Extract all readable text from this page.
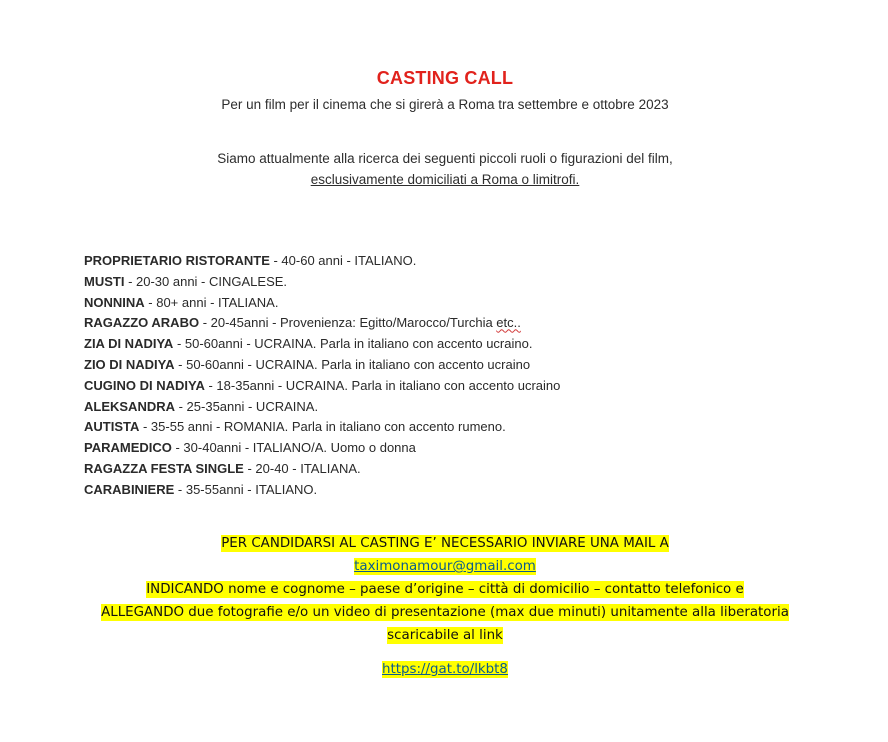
CASTING CALL
Per un film per il cinema che si girerà a Roma tra settembre e ottobre 2023
Siamo attualmente alla ricerca dei seguenti piccoli ruoli o figurazioni del film,
esclusivamente domiciliati a Roma o limitrofi.
PROPRIETARIO RISTORANTE - 40-60 anni - ITALIANO.
MUSTI - 20-30 anni - CINGALESE.
NONNINA - 80+ anni - ITALIANA.
RAGAZZO ARABO - 20-45anni - Provenienza: Egitto/Marocco/Turchia etc..
ZIA DI NADIYA - 50-60anni - UCRAINA. Parla in italiano con accento ucraino.
ZIO DI NADIYA - 50-60anni - UCRAINA. Parla in italiano con accento ucraino
CUGINO DI NADIYA - 18-35anni - UCRAINA. Parla in italiano con accento ucraino
ALEKSANDRA - 25-35anni - UCRAINA.
AUTISTA - 35-55 anni - ROMANIA. Parla in italiano con accento rumeno.
PARAMEDICO - 30-40anni - ITALIANO/A. Uomo o donna
RAGAZZA FESTA SINGLE - 20-40 - ITALIANA.
CARABINIERE - 35-55anni - ITALIANO.
PER CANDIDARSI AL CASTING E’ NECESSARIO INVIARE UNA MAIL A
taximonamour@gmail.com
INDICANDO nome e cognome – paese d’origine – città di domicilio – contatto telefonico e
ALLEGANDO due fotografie e/o un video di presentazione (max due minuti) unitamente alla liberatoria
scaricabile al link
https://gat.to/lkbt8
